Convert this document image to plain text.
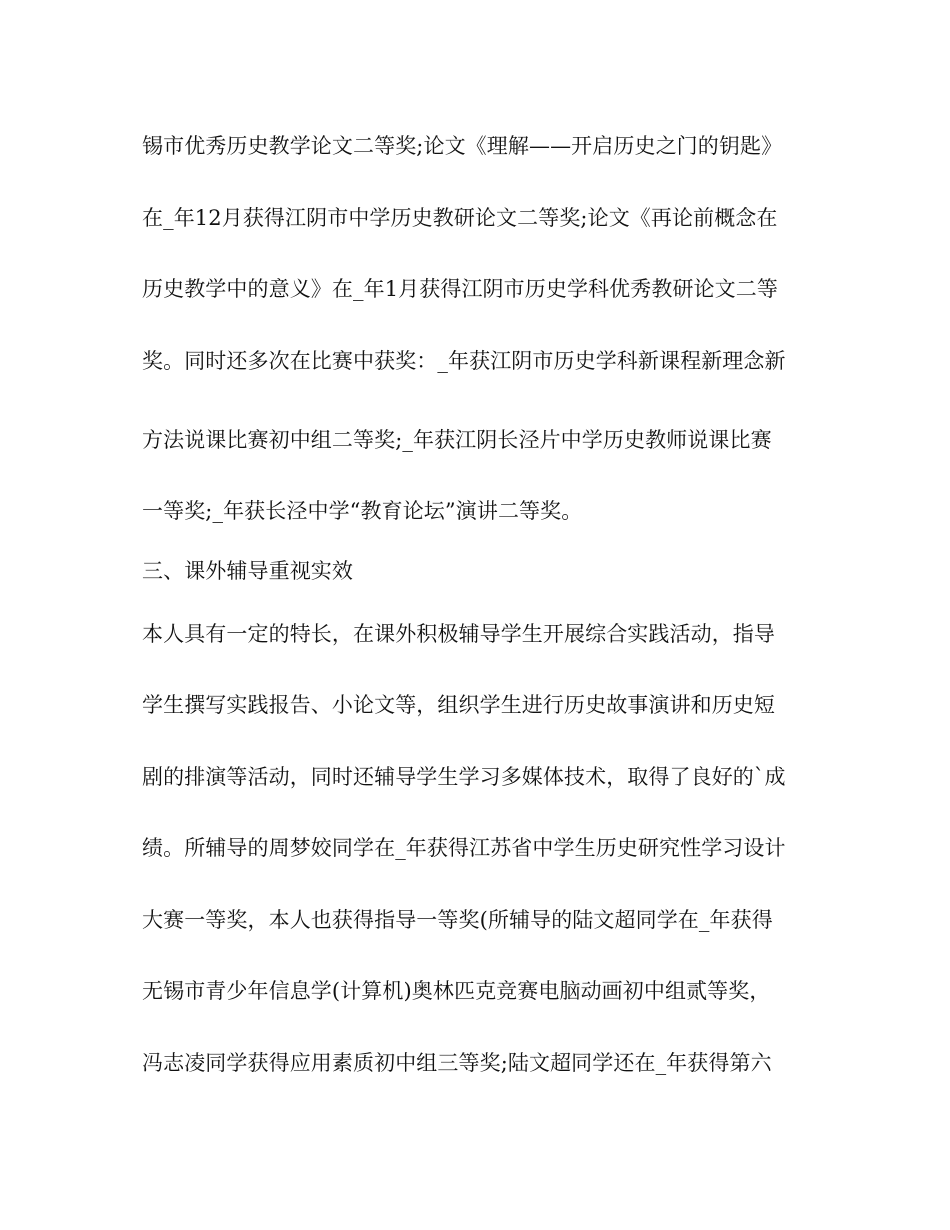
锡市优秀历史教学论文二等奖;论文《理解——开启历史之门的钥匙》
在_年12月获得江阴市中学历史教研论文二等奖;论文《再论前概念在
历史教学中的意义》在_年1月获得江阴市历史学科优秀教研论文二等
奖。同时还多次在比赛中获奖：_年获江阴市历史学科新课程新理念新
方法说课比赛初中组二等奖;_年获江阴长泾片中学历史教师说课比赛
一等奖;_年获长泾中学“教育论坛”演讲二等奖。
三、课外辅导重视实效
本人具有一定的特长，在课外积极辅导学生开展综合实践活动，指导
学生撰写实践报告、小论文等，组织学生进行历史故事演讲和历史短
剧的排演等活动，同时还辅导学生学习多媒体技术，取得了良好的`成
绩。所辅导的周梦姣同学在_年获得江苏省中学生历史研究性学习设计
大赛一等奖，本人也获得指导一等奖(所辅导的陆文超同学在_年获得
无锡市青少年信息学(计算机)奥林匹克竞赛电脑动画初中组贰等奖，
冯志凌同学获得应用素质初中组三等奖;陆文超同学还在_年获得第六
